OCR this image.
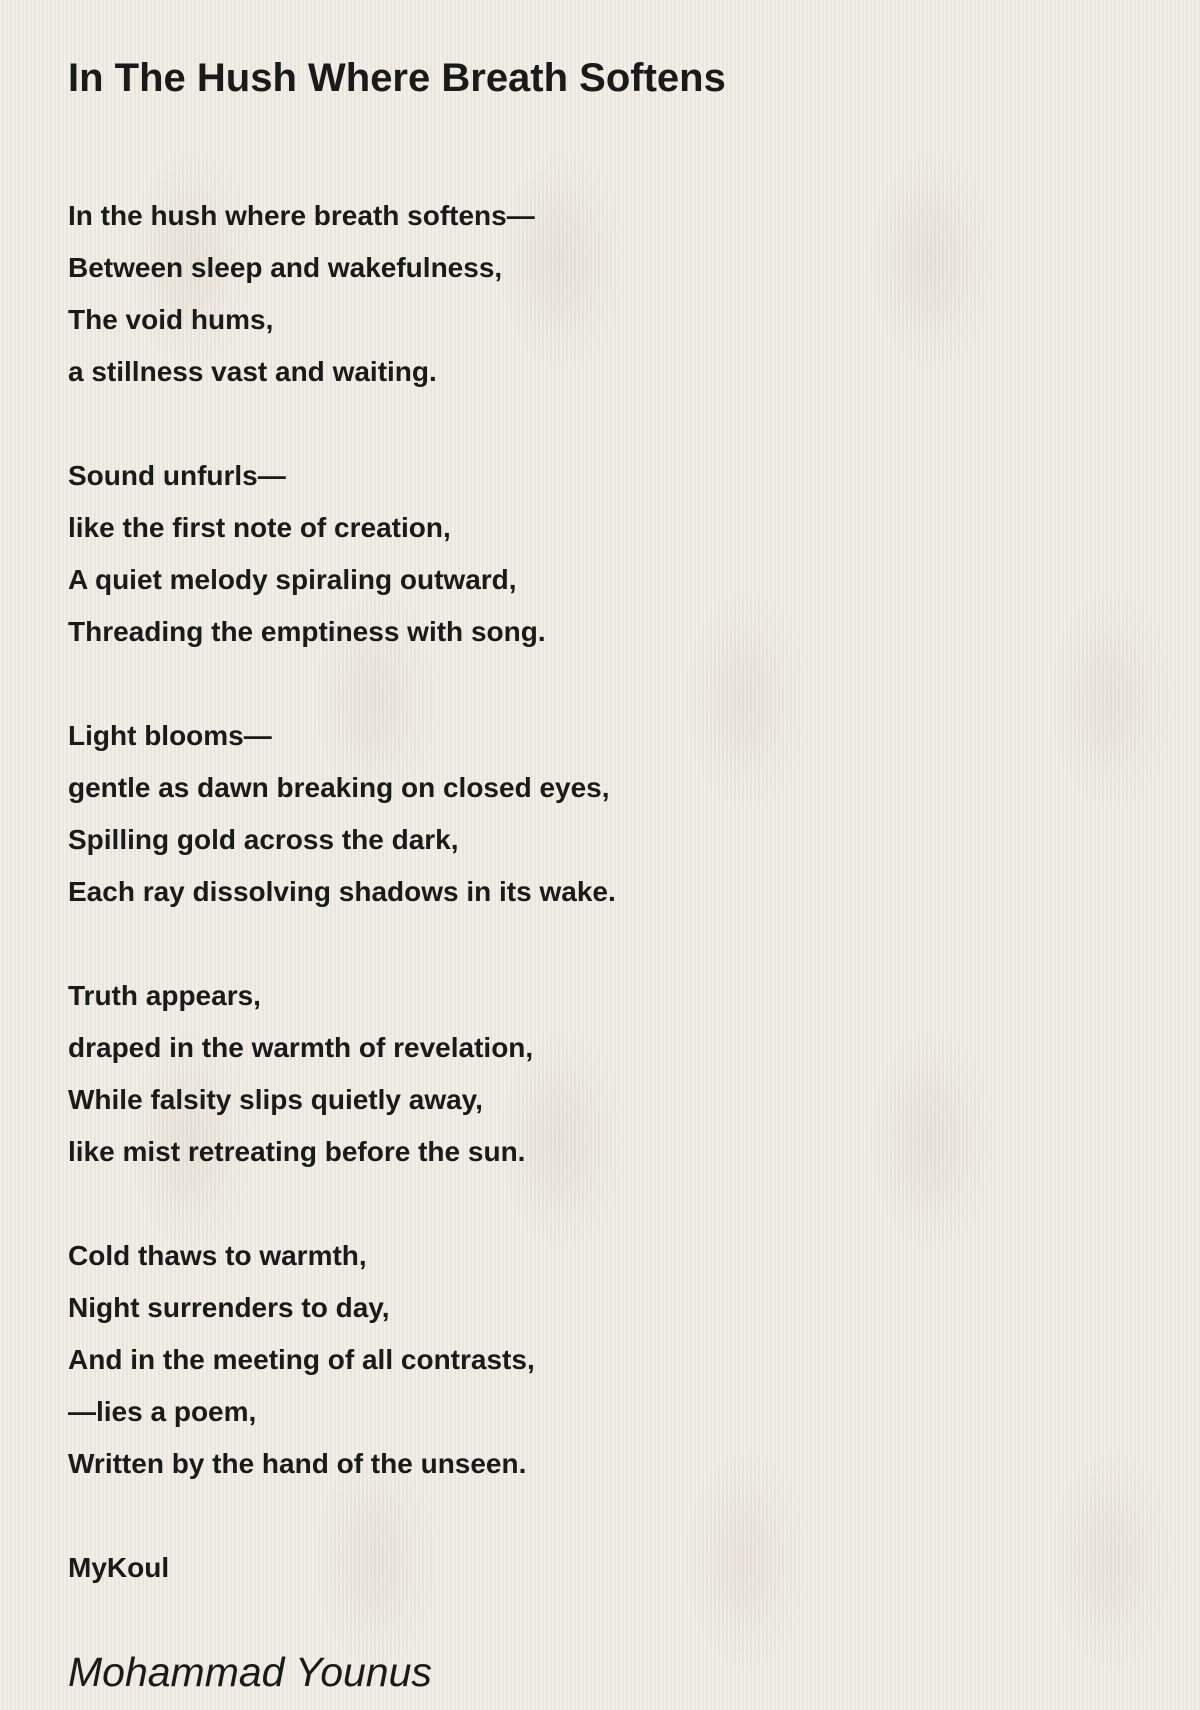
In The Hush Where Breath Softens
In the hush where breath softens—
Between sleep and wakefulness,
The void hums,
a stillness vast and waiting.
Sound unfurls—
like the first note of creation,
A quiet melody spiraling outward,
Threading the emptiness with song.
Light blooms—
gentle as dawn breaking on closed eyes,
Spilling gold across the dark,
Each ray dissolving shadows in its wake.
Truth appears,
draped in the warmth of revelation,
While falsity slips quietly away,
like mist retreating before the sun.
Cold thaws to warmth,
Night surrenders to day,
And in the meeting of all contrasts,
—lies a poem,
Written by the hand of the unseen.
MyKoul
Mohammad Younus
